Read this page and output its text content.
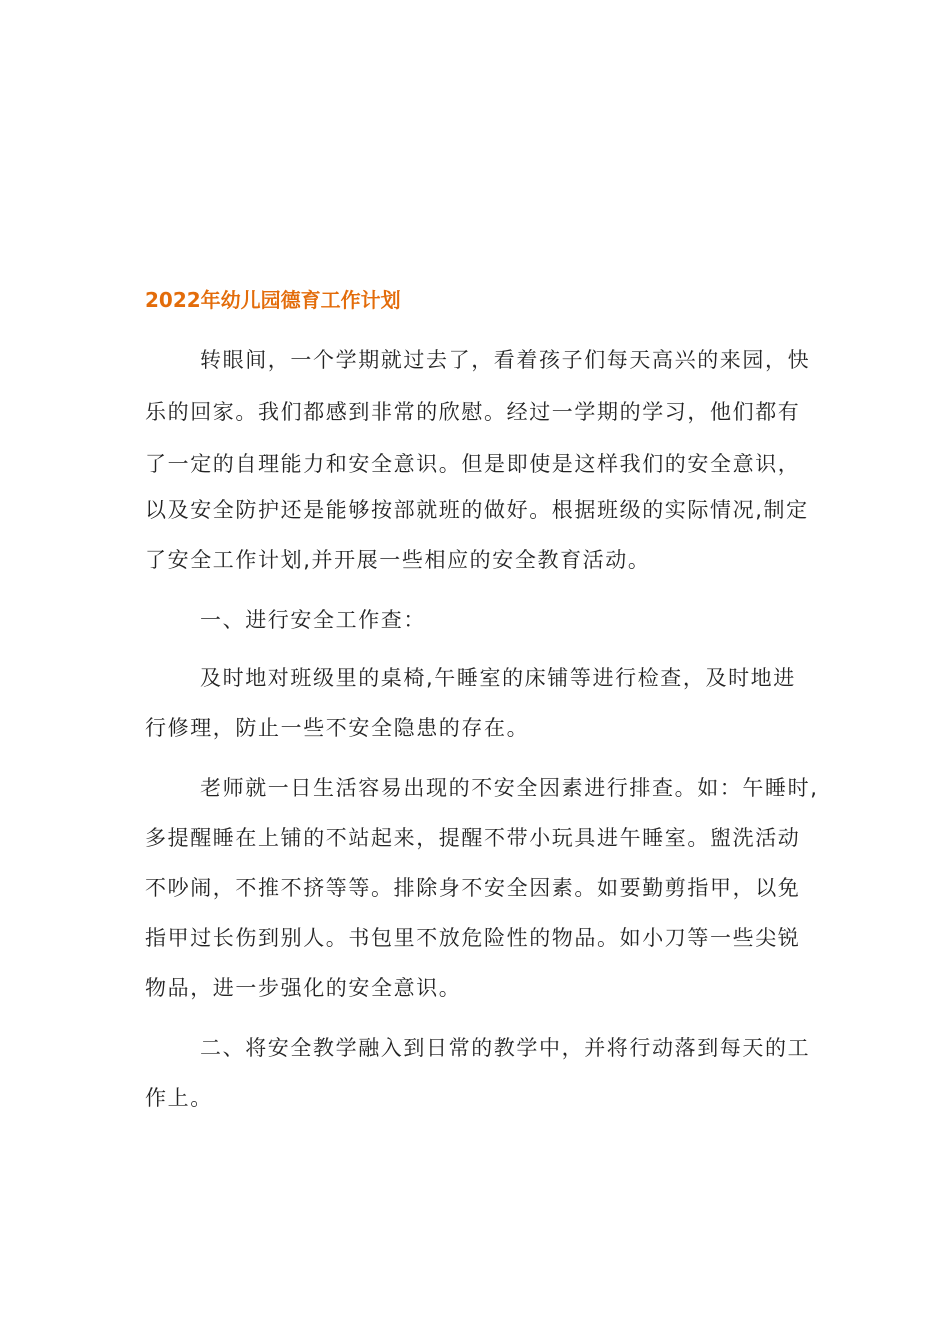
2022年幼儿园德育工作计划
转眼间，一个学期就过去了，看着孩子们每天高兴的来园，快
乐的回家。我们都感到非常的欣慰。经过一学期的学习，他们都有
了一定的自理能力和安全意识。但是即使是这样我们的安全意识，
以及安全防护还是能够按部就班的做好。根据班级的实际情况,制定
了安全工作计划,并开展一些相应的安全教育活动。
一、进行安全工作查：
及时地对班级里的桌椅,午睡室的床铺等进行检查，及时地进
行修理，防止一些不安全隐患的存在。
老师就一日生活容易出现的不安全因素进行排查。如：午睡时,
多提醒睡在上铺的不站起来，提醒不带小玩具进午睡室。盥洗活动
不吵闹，不推不挤等等。排除身不安全因素。如要勤剪指甲，以免
指甲过长伤到别人。书包里不放危险性的物品。如小刀等一些尖锐
物品，进一步强化的安全意识。
二、将安全教学融入到日常的教学中，并将行动落到每天的工
作上。
